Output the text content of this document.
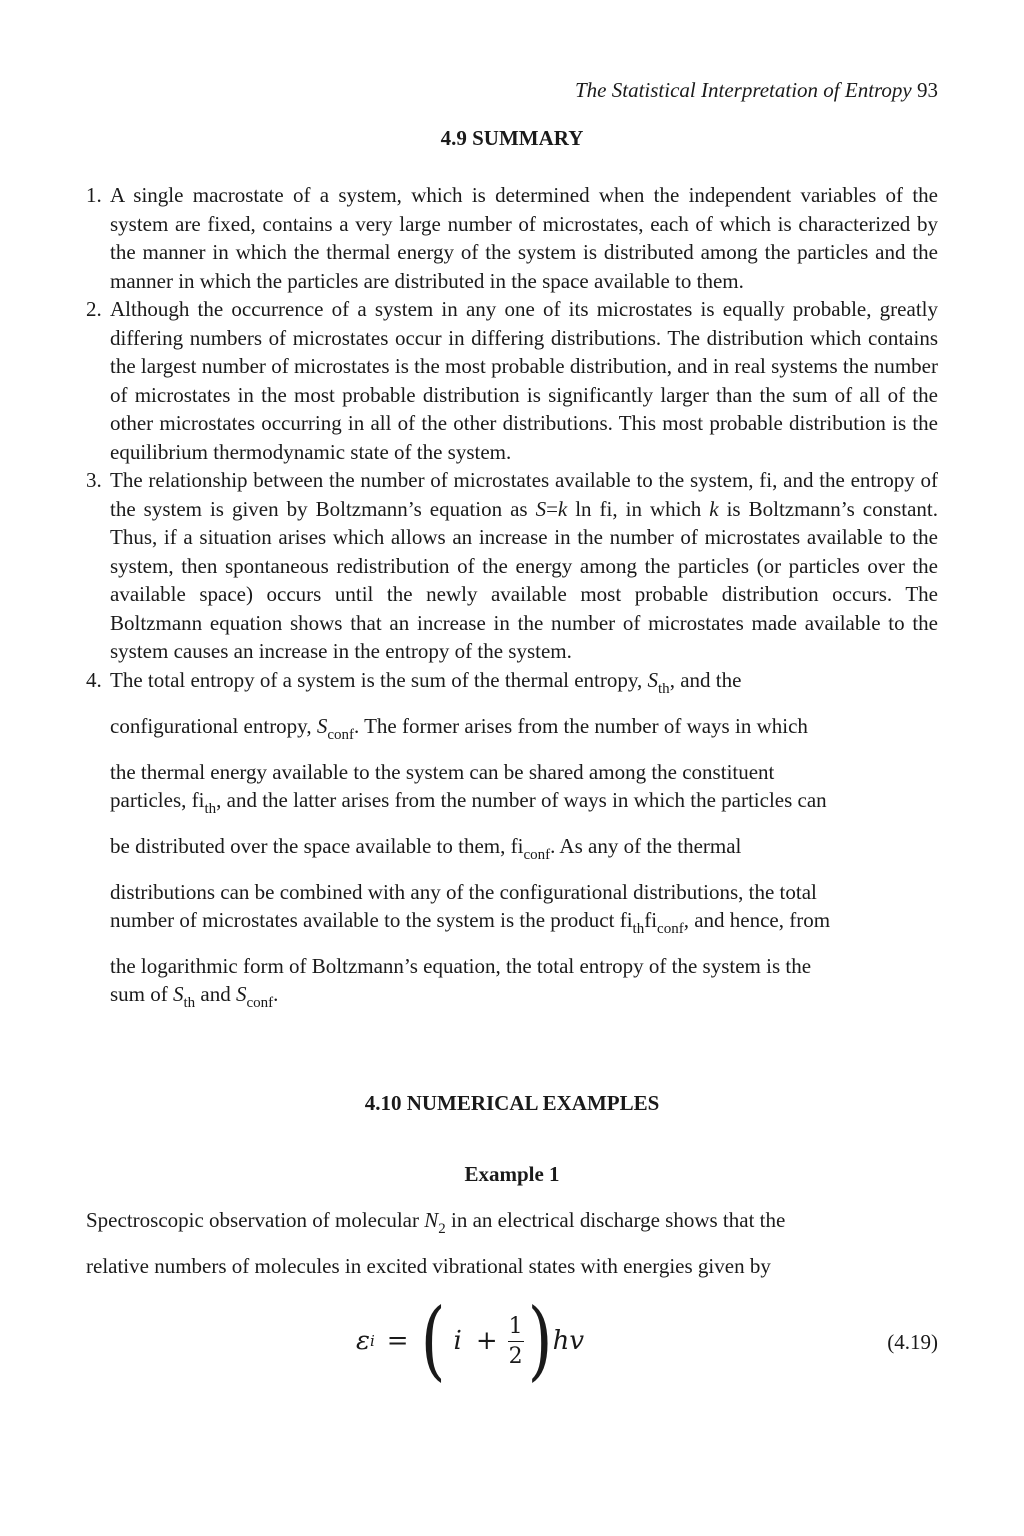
The Statistical Interpretation of Entropy 93
4.9 SUMMARY
1. A single macrostate of a system, which is determined when the independent variables of the system are fixed, contains a very large number of microstates, each of which is characterized by the manner in which the thermal energy of the system is distributed among the particles and the manner in which the particles are distributed in the space available to them.
2. Although the occurrence of a system in any one of its microstates is equally probable, greatly differing numbers of microstates occur in differing distributions. The distribution which contains the largest number of microstates is the most probable distribution, and in real systems the number of microstates in the most probable distribution is significantly larger than the sum of all of the other microstates occurring in all of the other distributions. This most probable distribution is the equilibrium thermodynamic state of the system.
3. The relationship between the number of microstates available to the system, fi, and the entropy of the system is given by Boltzmann’s equation as S=k ln fi, in which k is Boltzmann’s constant. Thus, if a situation arises which allows an increase in the number of microstates available to the system, then spontaneous redistribution of the energy among the particles (or particles over the available space) occurs until the newly available most probable distribution occurs. The Boltzmann equation shows that an increase in the number of microstates made available to the system causes an increase in the entropy of the system.
4. The total entropy of a system is the sum of the thermal entropy, $S_{th}$, and the
configurational entropy, $S_{conf}$. The former arises from the number of ways in which
the thermal energy available to the system can be shared among the constituent
particles, $fi_{th}$, and the latter arises from the number of ways in which the particles can
be distributed over the space available to them, $fi_{conf}$. As any of the thermal
distributions can be combined with any of the configurational distributions, the total
number of microstates available to the system is the product $fi_{th}fi_{conf}$, and hence, from
the logarithmic form of Boltzmann’s equation, the total entropy of the system is the
sum of $S_{th}$ and $S_{conf}$.
4.10 NUMERICAL EXAMPLES
Example 1
Spectroscopic observation of molecular $N_2$ in an electrical discharge shows that the
relative numbers of molecules in excited vibrational states with energies given by
ε i = ( $i + \frac{1}{2}$ ) hv	(4.19)
